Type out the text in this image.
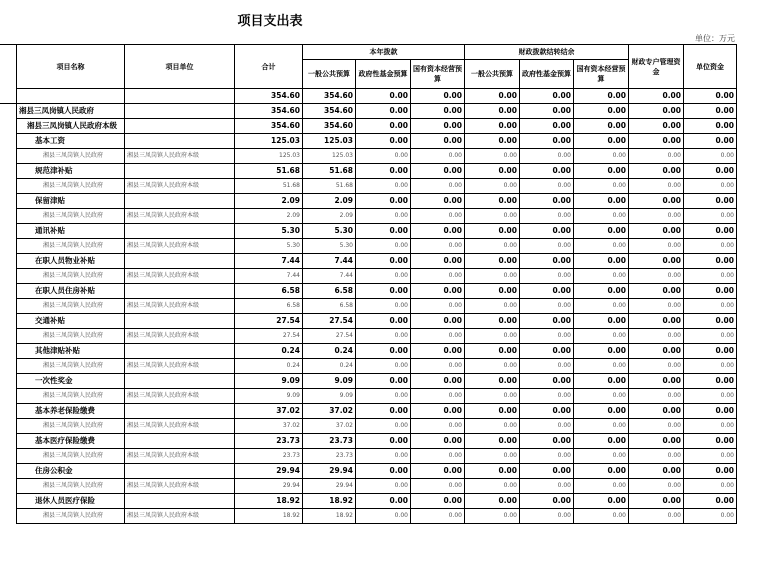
项目支出表
单位：万元
项目名称	项目单位	合计	本年拨款			财政拨款结转结余			财政专户管理资金	单位资金
			一般公共预算	政府性基金预算	国有资本经营预算	一般公共预算	政府性基金预算	国有资本经营预算		
		354.60	354.60	0.00	0.00	0.00	0.00	0.00	0.00	0.00
湘县三凤岗镇人民政府		354.60	354.60	0.00	0.00	0.00	0.00	0.00	0.00	0.00
湘县三凤岗镇人民政府本级		354.60	354.60	0.00	0.00	0.00	0.00	0.00	0.00	0.00
基本工资		125.03	125.03	0.00	0.00	0.00	0.00	0.00	0.00	0.00
湘县三凤岗镇人民政府	湘县三凤岗镇人民政府本级	125.03	125.03	0.00	0.00	0.00	0.00	0.00	0.00	0.00
规范津补贴		51.68	51.68	0.00	0.00	0.00	0.00	0.00	0.00	0.00
湘县三凤岗镇人民政府	湘县三凤岗镇人民政府本级	51.68	51.68	0.00	0.00	0.00	0.00	0.00	0.00	0.00
保留津贴		2.09	2.09	0.00	0.00	0.00	0.00	0.00	0.00	0.00
湘县三凤岗镇人民政府	湘县三凤岗镇人民政府本级	2.09	2.09	0.00	0.00	0.00	0.00	0.00	0.00	0.00
通讯补贴		5.30	5.30	0.00	0.00	0.00	0.00	0.00	0.00	0.00
湘县三凤岗镇人民政府	湘县三凤岗镇人民政府本级	5.30	5.30	0.00	0.00	0.00	0.00	0.00	0.00	0.00
在职人员物业补贴		7.44	7.44	0.00	0.00	0.00	0.00	0.00	0.00	0.00
湘县三凤岗镇人民政府	湘县三凤岗镇人民政府本级	7.44	7.44	0.00	0.00	0.00	0.00	0.00	0.00	0.00
在职人员住房补贴		6.58	6.58	0.00	0.00	0.00	0.00	0.00	0.00	0.00
湘县三凤岗镇人民政府	湘县三凤岗镇人民政府本级	6.58	6.58	0.00	0.00	0.00	0.00	0.00	0.00	0.00
交通补贴		27.54	27.54	0.00	0.00	0.00	0.00	0.00	0.00	0.00
湘县三凤岗镇人民政府	湘县三凤岗镇人民政府本级	27.54	27.54	0.00	0.00	0.00	0.00	0.00	0.00	0.00
其他津贴补贴		0.24	0.24	0.00	0.00	0.00	0.00	0.00	0.00	0.00
湘县三凤岗镇人民政府	湘县三凤岗镇人民政府本级	0.24	0.24	0.00	0.00	0.00	0.00	0.00	0.00	0.00
一次性奖金		9.09	9.09	0.00	0.00	0.00	0.00	0.00	0.00	0.00
湘县三凤岗镇人民政府	湘县三凤岗镇人民政府本级	9.09	9.09	0.00	0.00	0.00	0.00	0.00	0.00	0.00
基本养老保险缴费		37.02	37.02	0.00	0.00	0.00	0.00	0.00	0.00	0.00
湘县三凤岗镇人民政府	湘县三凤岗镇人民政府本级	37.02	37.02	0.00	0.00	0.00	0.00	0.00	0.00	0.00
基本医疗保险缴费		23.73	23.73	0.00	0.00	0.00	0.00	0.00	0.00	0.00
湘县三凤岗镇人民政府	湘县三凤岗镇人民政府本级	23.73	23.73	0.00	0.00	0.00	0.00	0.00	0.00	0.00
住房公积金		29.94	29.94	0.00	0.00	0.00	0.00	0.00	0.00	0.00
湘县三凤岗镇人民政府	湘县三凤岗镇人民政府本级	29.94	29.94	0.00	0.00	0.00	0.00	0.00	0.00	0.00
退休人员医疗保险		18.92	18.92	0.00	0.00	0.00	0.00	0.00	0.00	0.00
湘县三凤岗镇人民政府	湘县三凤岗镇人民政府本级	18.92	18.92	0.00	0.00	0.00	0.00	0.00	0.00	0.00
